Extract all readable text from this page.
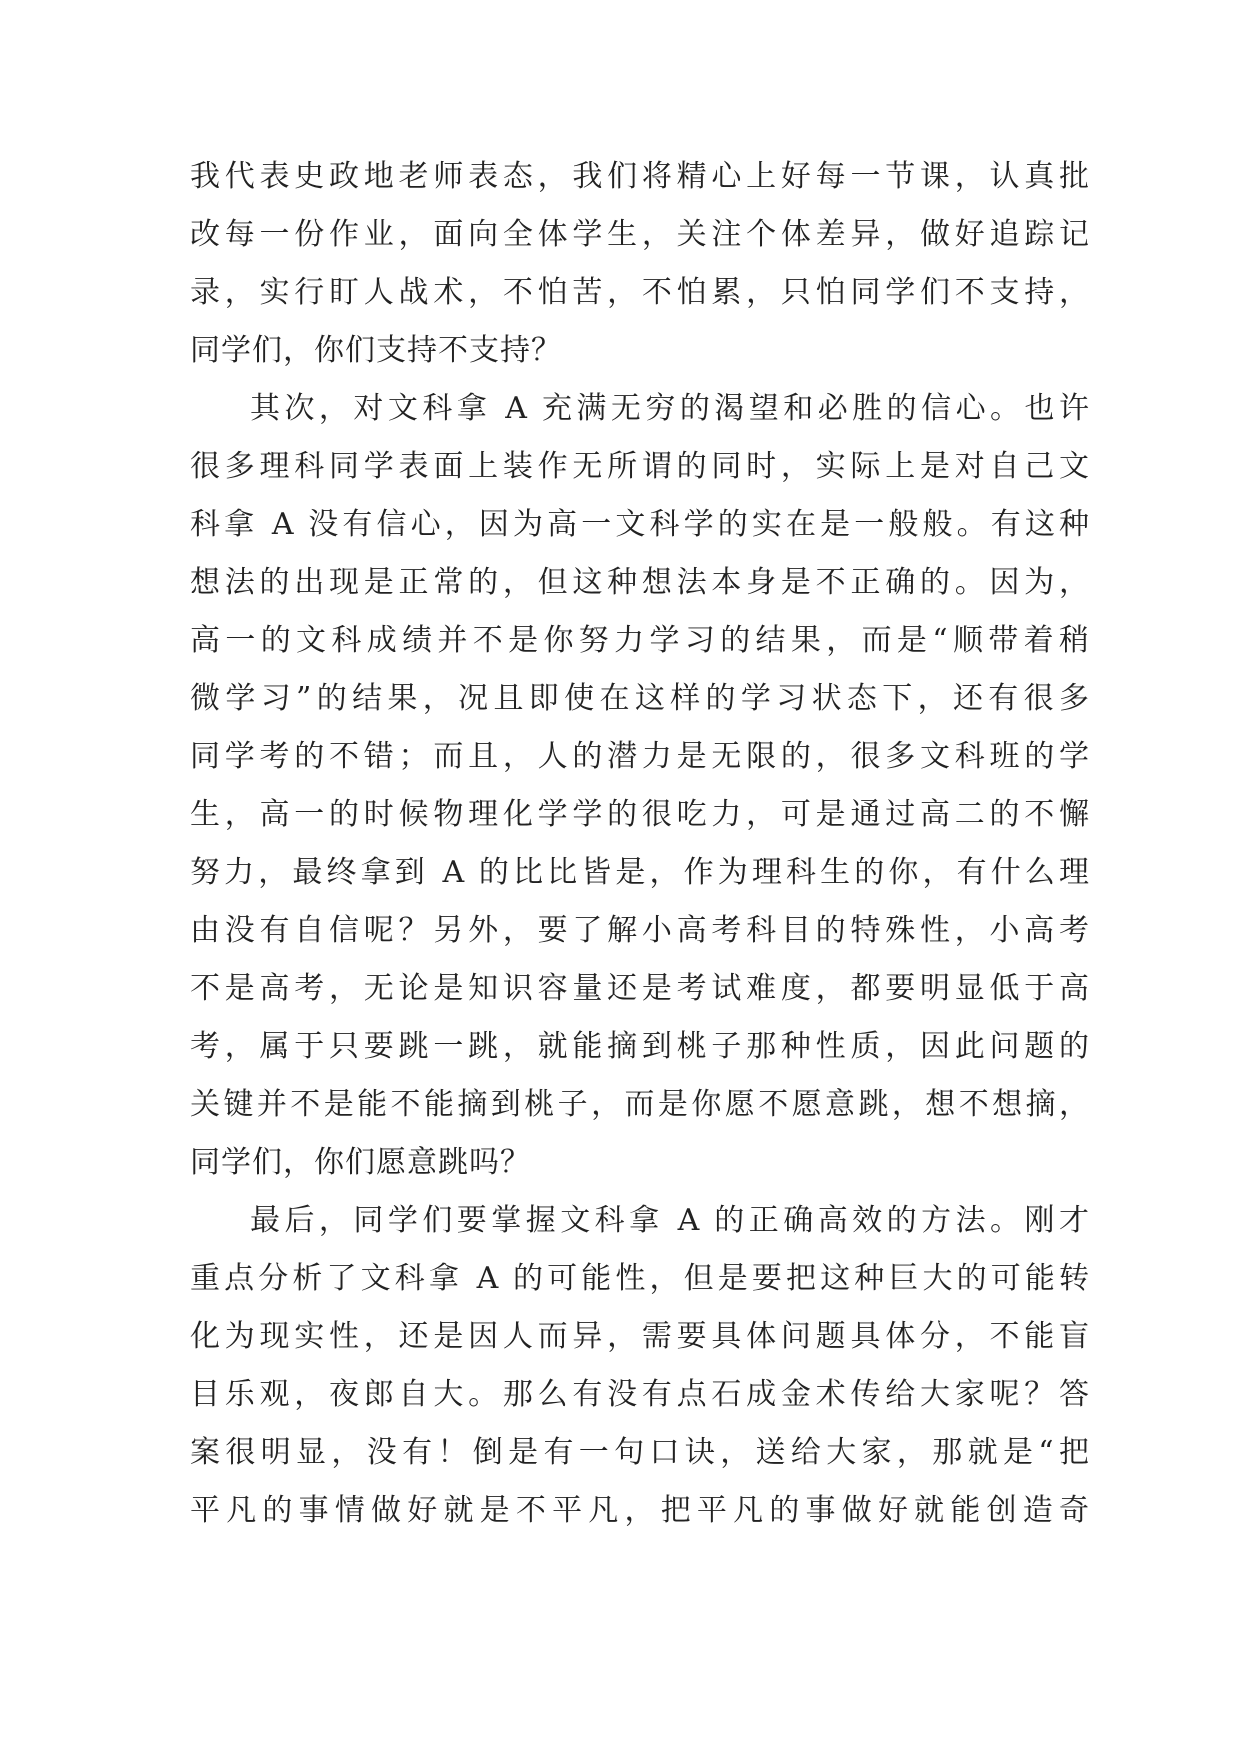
我代表史政地老师表态，我们将精心上好每一节课，认真批
改每一份作业，面向全体学生，关注个体差异，做好追踪记
录，实行盯人战术，不怕苦，不怕累，只怕同学们不支持，
同学们，你们支持不支持？
其次，对文科拿 A 充满无穷的渴望和必胜的信心。也许
很多理科同学表面上装作无所谓的同时，实际上是对自己文
科拿 A 没有信心，因为高一文科学的实在是一般般。有这种
想法的出现是正常的，但这种想法本身是不正确的。因为，
高一的文科成绩并不是你努力学习的结果，而是“顺带着稍
微学习”的结果，况且即使在这样的学习状态下，还有很多
同学考的不错；而且，人的潜力是无限的，很多文科班的学
生，高一的时候物理化学学的很吃力，可是通过高二的不懈
努力，最终拿到 A 的比比皆是，作为理科生的你，有什么理
由没有自信呢？另外，要了解小高考科目的特殊性，小高考
不是高考，无论是知识容量还是考试难度，都要明显低于高
考，属于只要跳一跳，就能摘到桃子那种性质，因此问题的
关键并不是能不能摘到桃子，而是你愿不愿意跳，想不想摘，
同学们，你们愿意跳吗？
最后，同学们要掌握文科拿 A 的正确高效的方法。刚才
重点分析了文科拿 A 的可能性，但是要把这种巨大的可能转
化为现实性，还是因人而异，需要具体问题具体分，不能盲
目乐观，夜郎自大。那么有没有点石成金术传给大家呢？答
案很明显，没有！倒是有一句口诀，送给大家，那就是“把
平凡的事情做好就是不平凡，把平凡的事做好就能创造奇
